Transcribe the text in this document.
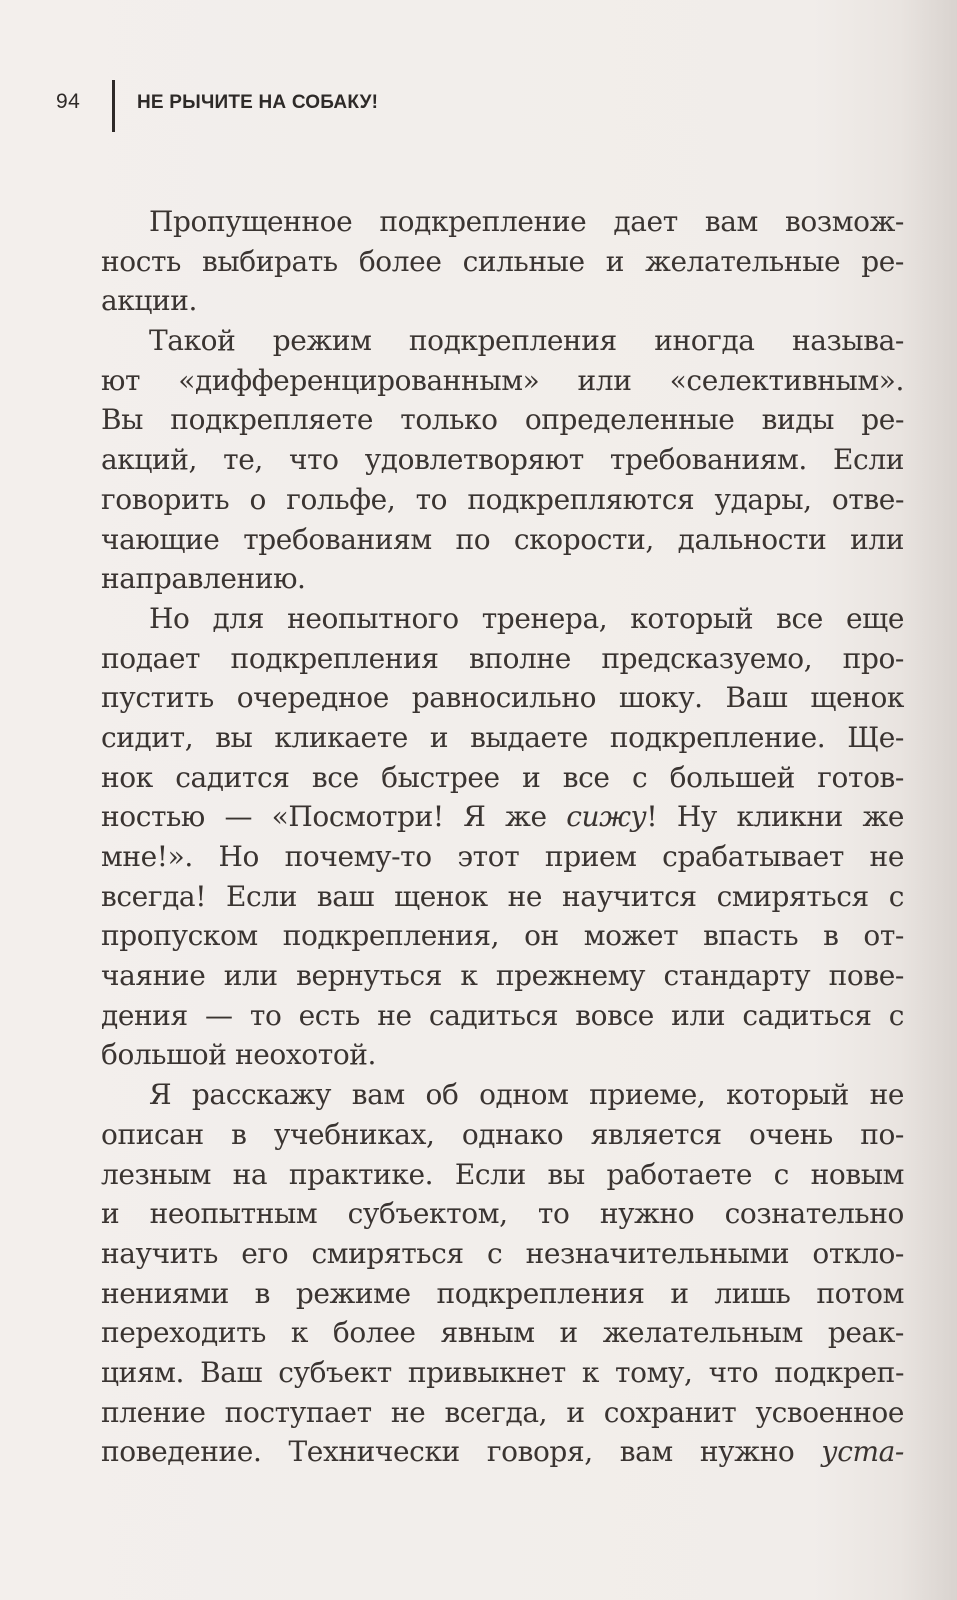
94	НЕ РЫЧИТЕ НА СОБАКУ!
Пропущенное подкрепление дает вам возмож-
ность выбирать более сильные и желательные ре-
акции.
Такой режим подкрепления иногда называ-
ют «дифференцированным» или «селективным».
Вы подкрепляете только определенные виды ре-
акций, те, что удовлетворяют требованиям. Если
говорить о гольфе, то подкрепляются удары, отве-
чающие требованиям по скорости, дальности или
направлению.
Но для неопытного тренера, который все еще
подает подкрепления вполне предсказуемо, про-
пустить очередное равносильно шоку. Ваш щенок
сидит, вы кликаете и выдаете подкрепление. Ще-
нок садится все быстрее и все с большей готов-
ностью — «Посмотри! Я же сижу! Ну кликни же
мне!». Но почему-то этот прием срабатывает не
всегда! Если ваш щенок не научится смиряться с
пропуском подкрепления, он может впасть в от-
чаяние или вернуться к прежнему стандарту пове-
дения — то есть не садиться вовсе или садиться с
большой неохотой.
Я расскажу вам об одном приеме, который не
описан в учебниках, однако является очень по-
лезным на практике. Если вы работаете с новым
и неопытным субъектом, то нужно сознательно
научить его смиряться с незначительными откло-
нениями в режиме подкрепления и лишь потом
переходить к более явным и желательным реак-
циям. Ваш субъект привыкнет к тому, что подкреп-
пление поступает не всегда, и сохранит усвоенное
поведение. Технически говоря, вам нужно уста-
